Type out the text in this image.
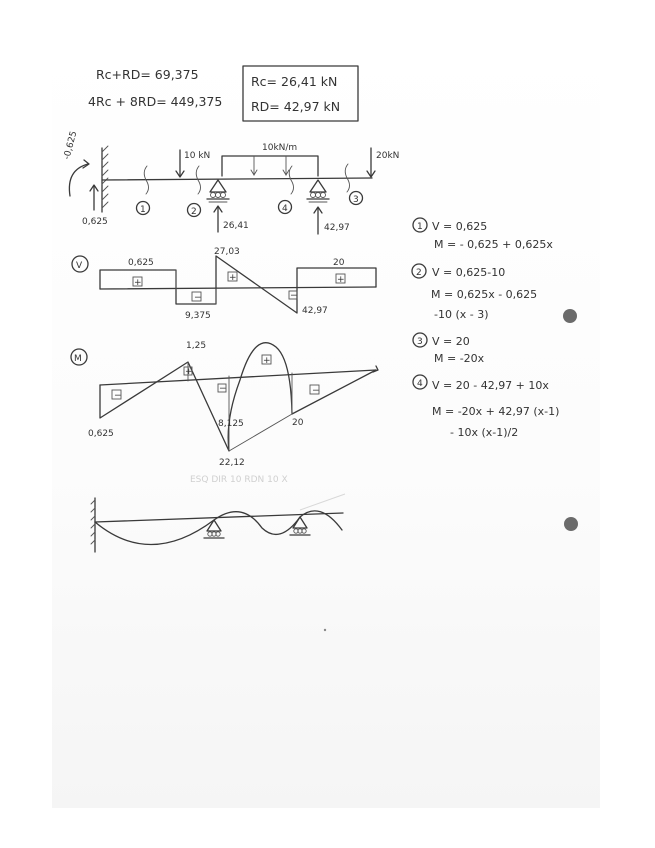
Rc+RD= 69,375
4Rc + 8RD= 449,375
Rc= 26,41 kN
RD= 42,97 kN
-0,625
0,625
1
10 kN
2
26,41
10kN/m
4
42,97
3
20kN
V
+
−
+
−
+
0,625
9,375
27,03
42,97
20
M
−
+
−
+
−
0,625
1,25
8,125
22,12
20
ESQ DIR 10 RDN 10 X
1 V = 0,625
M = - 0,625 + 0,625x
2 V = 0,625-10
M = 0,625x - 0,625
-10 (x - 3)
3 V = 20
M = -20x
4 V = 20 - 42,97 + 10x
M = -20x + 42,97 (x-1)
- 10x (x-1)/2
